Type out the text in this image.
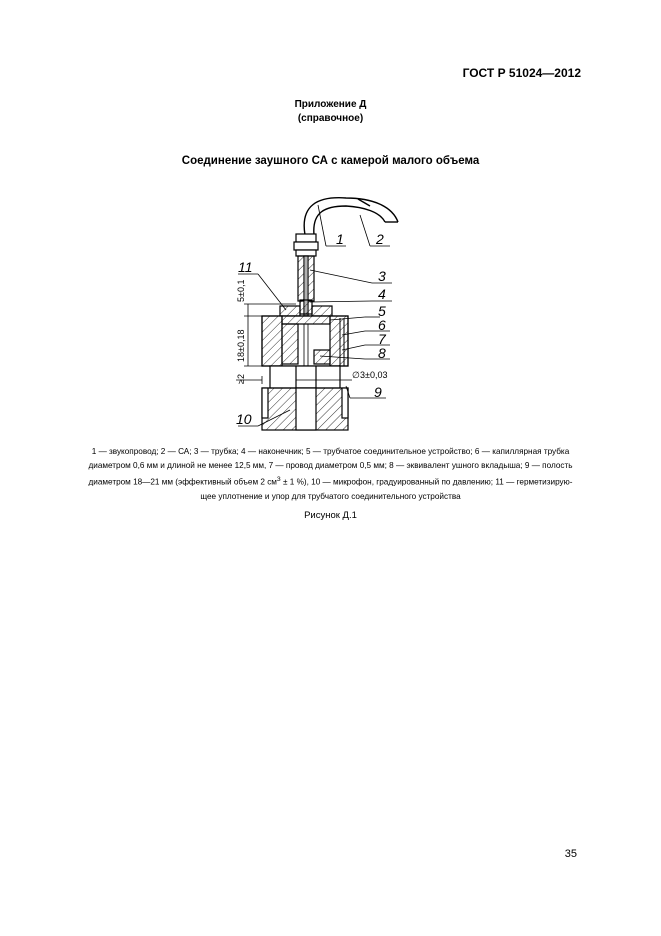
ГОСТ Р 51024—2012
Приложение Д
(справочное)
Соединение заушного СА с камерой малого объема
1 2
3
4
5
6
7
8
9
10
11
5±0,1
18±0,18
≥2	∅ 3±0,03
1 — звукопровод; 2 — СА; 3 — трубка; 4 — наконечник; 5 — трубчатое соединительное устройство; 6 — капиллярная трубка
диаметром 0,6 мм и длиной не менее 12,5 мм, 7 — провод диаметром 0,5 мм; 8 — эквивалент ушного вкладыша; 9 — полость
диаметром 18—21 мм (эффективный объем 2 $см^3 \pm 1$ %), 10 — микрофон, градуированный по давлению; 11 — герметизирую-
щее уплотнение и упор для трубчатого соединительного устройства
Рисунок Д.1
35
